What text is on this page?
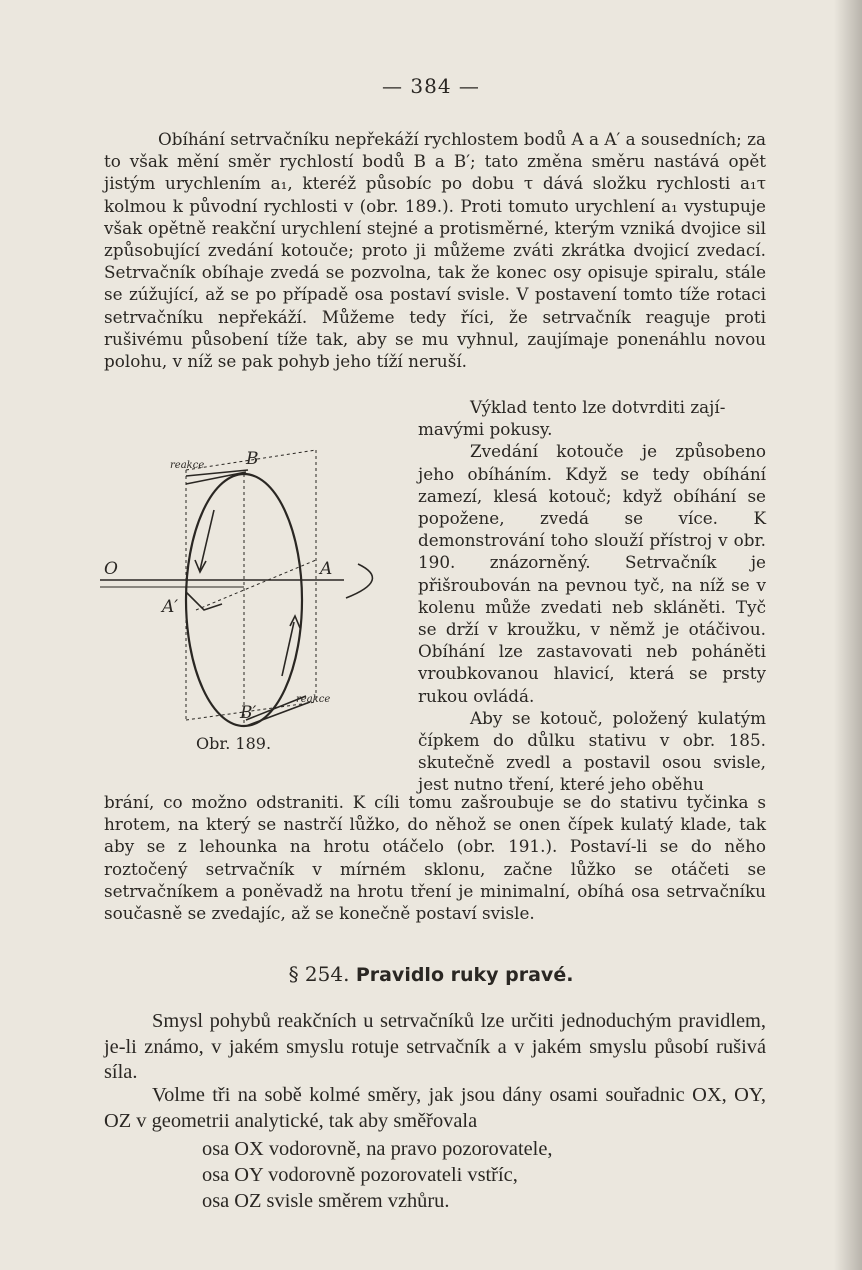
— 384 —
Obíhání setrvačníku nepřekáží rychlostem bodů A a A′ a sousedních; za to však mění směr rychlostí bodů B a B′; tato změna směru nastává opět jistým urychlením a₁, kteréž působíc po dobu τ dává složku rychlosti a₁τ kolmou k původní rychlosti v (obr. 189.). Proti tomuto urychlení a₁ vystupuje však opětně reakční urychlení stejné a protisměrné, kterým vzniká dvojice sil způsobující zvedání kotouče; proto ji můžeme zváti zkrátka dvojicí zvedací. Setrvačník obíhaje zvedá se pozvolna, tak že konec osy opisuje spiralu, stále se zúžující, až se po případě osa postaví svisle. V postavení tomto tíže rotaci setrvačníku nepřekáží. Můžeme tedy říci, že setrvačník reaguje proti rušivému působení tíže tak, aby se mu vyhnul, zaujímaje ponenáhlu novou polohu, v níž se pak pohyb jeho tíží neruší.
Výklad tento lze dotvrditi zají-
mavými pokusy.
Zvedání kotouče je způsobeno jeho obíháním. Když se tedy obíhání zamezí, klesá kotouč; když obíhání se popožene, zvedá se více. K demonstrování toho slouží přístroj v obr. 190. znázorněný. Setrvačník je přišroubován na pevnou tyč, na níž se v kolenu může zvedati neb skláněti. Tyč se drží v kroužku, v němž je otáčivou. Obíhání lze zastavovati neb poháněti vroubkovanou hlavicí, která se prsty rukou ovládá.
Aby se kotouč, položený kulatým čípkem do důlku stativu v obr. 185. skutečně zvedl a postavil osou svisle, jest nutno tření, které jeho oběhu
B
B′
A
A′
O
reakce
reakce
Obr. 189.
brání, co možno odstraniti. K cíli tomu zašroubuje se do stativu tyčinka s hrotem, na který se nastrčí lůžko, do něhož se onen čípek kulatý klade, tak aby se z lehounka na hrotu otáčelo (obr. 191.). Postaví-li se do něho roztočený setrvačník v mírném sklonu, začne lůžko se otáčeti se setrvačníkem a poněvadž na hrotu tření je minimalní, obíhá osa setrvačníku současně se zvedajíc, až se konečně postaví svisle.
§ 254. Pravidlo ruky pravé.
Smysl pohybů reakčních u setrvačníků lze určiti jednoduchým pravidlem, je-li známo, v jakém smyslu rotuje setrvačník a v jakém smyslu působí rušivá síla.
Volme tři na sobě kolmé směry, jak jsou dány osami souřadnic OX, OY, OZ v geometrii analytické, tak aby směřovala
osa OX vodorovně, na pravo pozorovatele,
osa OY vodorovně pozorovateli vstříc,
osa OZ svisle směrem vzhůru.
